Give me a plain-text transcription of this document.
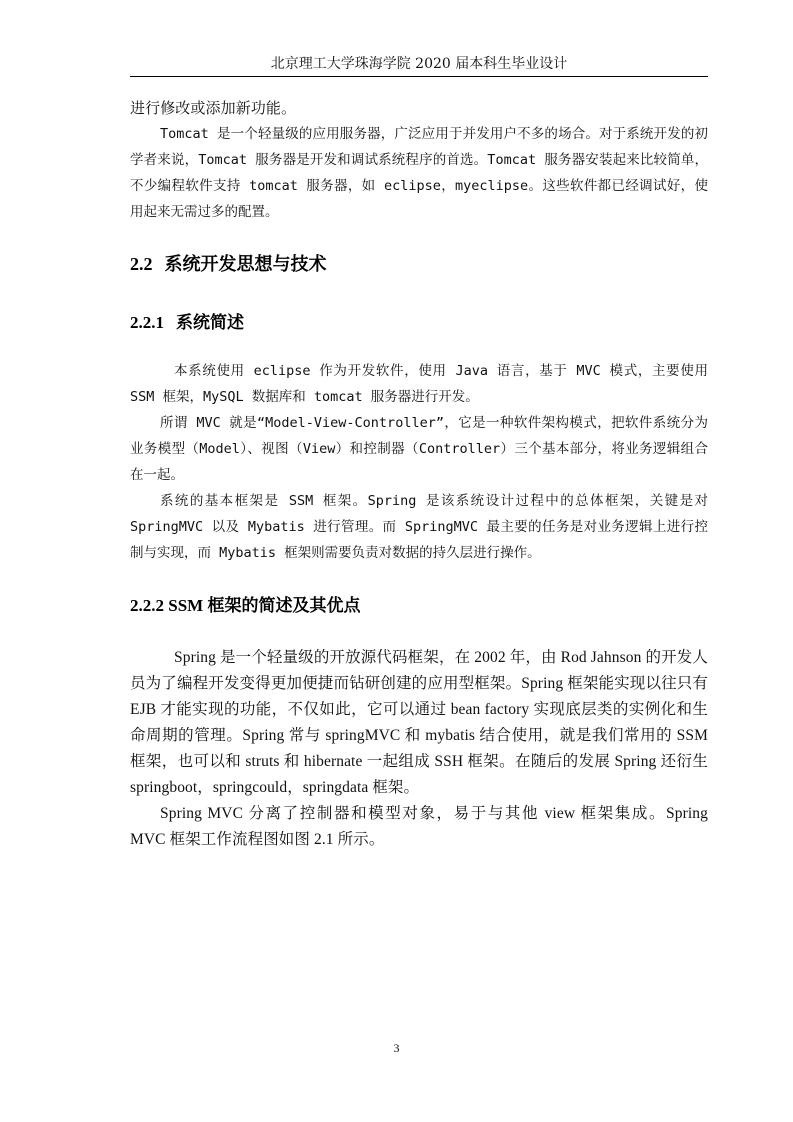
北京理工大学珠海学院 2020 届本科生毕业设计

进行修改或添加新功能。

Tomcat 是一个轻量级的应用服务器，广泛应用于并发用户不多的场合。对于系统开发的初学者来说，Tomcat 服务器是开发和调试系统程序的首选。Tomcat 服务器安装起来比较简单，不少编程软件支持 tomcat 服务器，如 eclipse，myeclipse。这些软件都已经调试好，使用起来无需过多的配置。

2.2 系统开发思想与技术
2.2.1 系统简述

本系统使用 eclipse 作为开发软件，使用 Java 语言，基于 MVC 模式，主要使用 SSM 框架，MySQL 数据库和 tomcat 服务器进行开发。

所谓 MVC 就是“Model-View-Controller”，它是一种软件架构模式，把软件系统分为业务模型（Model）、视图（View）和控制器（Controller）三个基本部分，将业务逻辑组合在一起。

系统的基本框架是 SSM 框架。Spring 是该系统设计过程中的总体框架，关键是对 SpringMVC 以及 Mybatis 进行管理。而 SpringMVC 最主要的任务是对业务逻辑上进行控制与实现，而 Mybatis 框架则需要负责对数据的持久层进行操作。

2.2.2 SSM 框架的简述及其优点

Spring 是一个轻量级的开放源代码框架，在 2002 年，由 Rod Jahnson 的开发人员为了编程开发变得更加便捷而钻研创建的应用型框架。Spring 框架能实现以往只有 EJB 才能实现的功能，不仅如此，它可以通过 bean factory 实现底层类的实例化和生命周期的管理。Spring 常与 springMVC 和 mybatis 结合使用，就是我们常用的 SSM 框架，也可以和 struts 和 hibernate 一起组成 SSH 框架。在随后的发展 Spring 还衍生 springboot，springcould，springdata 框架。

Spring MVC 分离了控制器和模型对象，易于与其他 view 框架集成。Spring MVC 框架工作流程图如图 2.1 所示。

3
